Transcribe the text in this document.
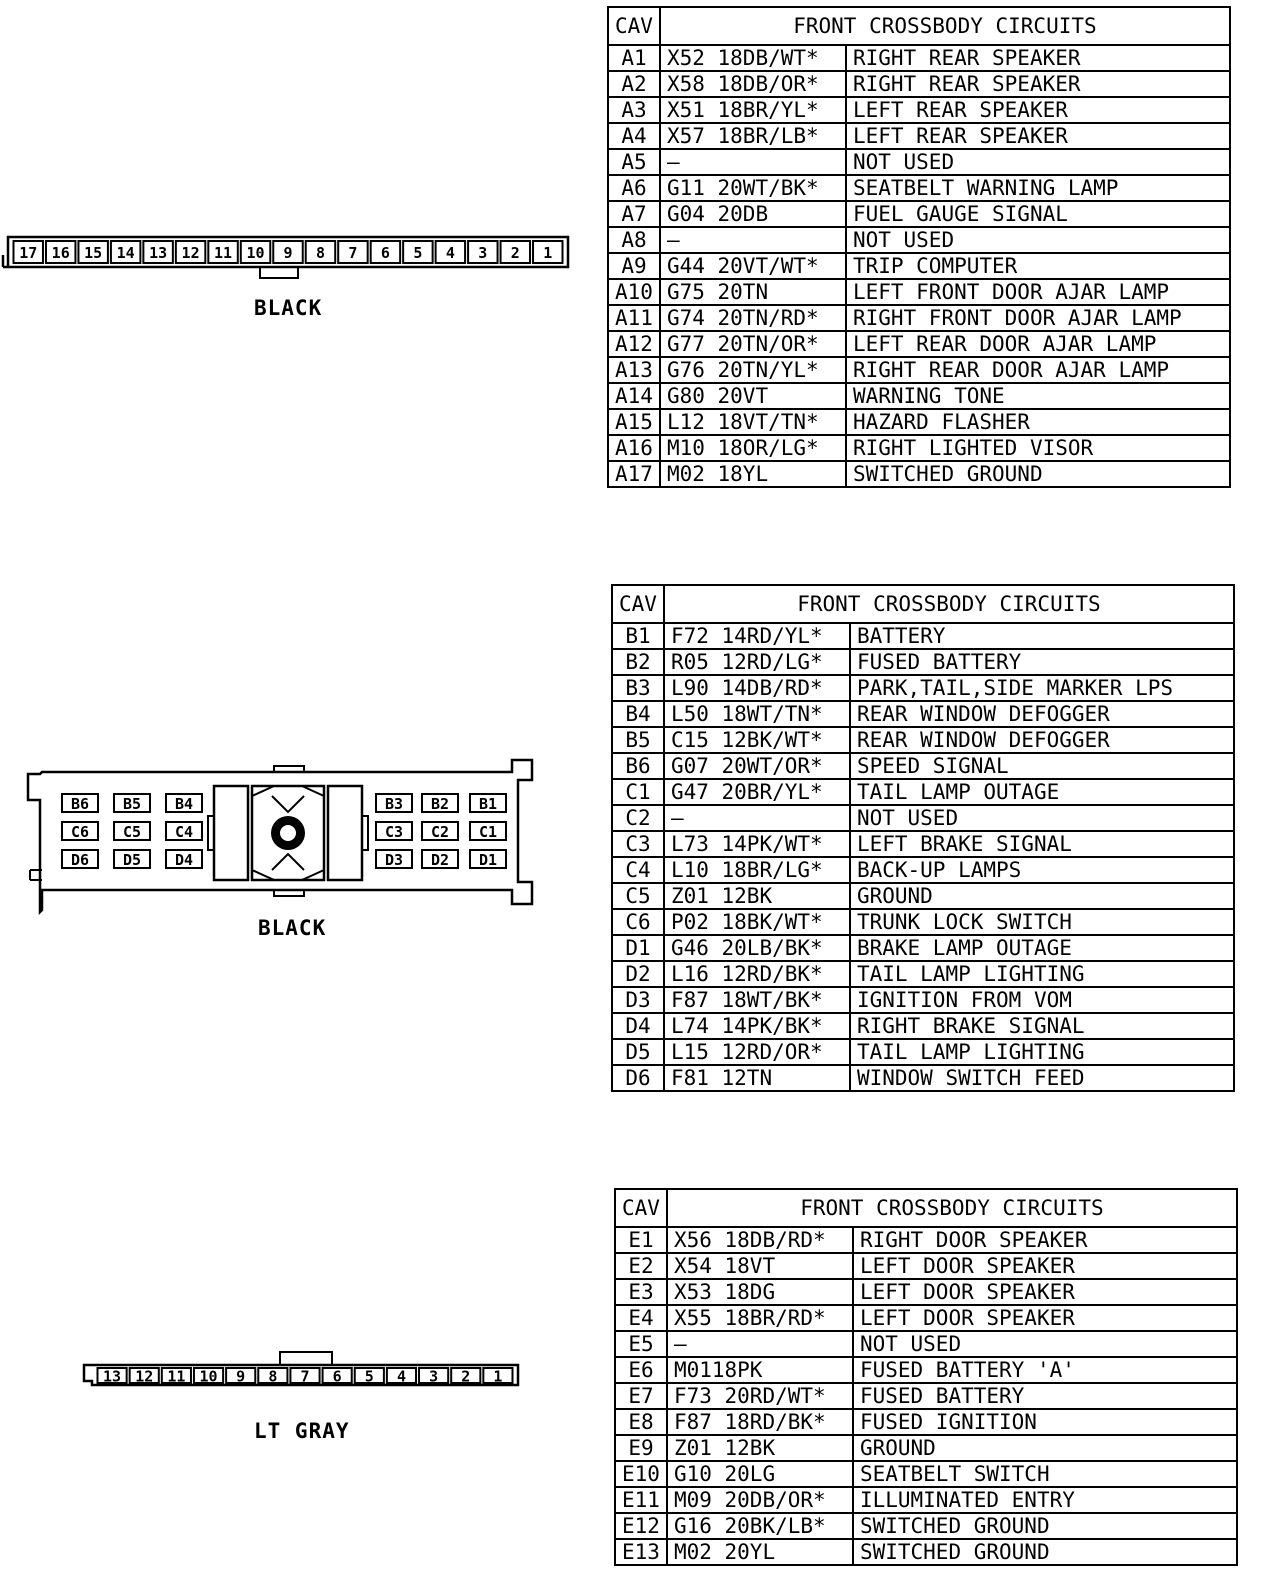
17 16 15 14 13 12 11 10 9 8 7 6 5 4 3 2 1
BLACK
B6 B5 B4
C6 C5 C4
D6 D5 D4
B3 B2 B1
C3 C2 C1
D3 D2 D1
BLACK
13 12 11 10 9 8 7 6 5 4 3 2 1
LT GRAY
CAV	FRONT CROSSBODY CIRCUITS	
A1	X52 18DB/WT*	RIGHT REAR SPEAKER
A2	X58 18DB/OR*	RIGHT REAR SPEAKER
A3	X51 18BR/YL*	LEFT REAR SPEAKER
A4	X57 18BR/LB*	LEFT REAR SPEAKER
A5	—	NOT USED
A6	G11 20WT/BK*	SEATBELT WARNING LAMP
A7	G04 20DB	FUEL GAUGE SIGNAL
A8	—	NOT USED
A9	G44 20VT/WT*	TRIP COMPUTER
A10	G75 20TN	LEFT FRONT DOOR AJAR LAMP
A11	G74 20TN/RD*	RIGHT FRONT DOOR AJAR LAMP
A12	G77 20TN/OR*	LEFT REAR DOOR AJAR LAMP
A13	G76 20TN/YL*	RIGHT REAR DOOR AJAR LAMP
A14	G80 20VT	WARNING TONE
A15	L12 18VT/TN*	HAZARD FLASHER
A16	M10 18OR/LG*	RIGHT LIGHTED VISOR
A17	M02 18YL	SWITCHED GROUND
CAV	FRONT CROSSBODY CIRCUITS	
B1	F72 14RD/YL*	BATTERY
B2	R05 12RD/LG*	FUSED BATTERY
B3	L90 14DB/RD*	PARK,TAIL,SIDE MARKER LPS
B4	L50 18WT/TN*	REAR WINDOW DEFOGGER
B5	C15 12BK/WT*	REAR WINDOW DEFOGGER
B6	G07 20WT/OR*	SPEED SIGNAL
C1	G47 20BR/YL*	TAIL LAMP OUTAGE
C2	—	NOT USED
C3	L73 14PK/WT*	LEFT BRAKE SIGNAL
C4	L10 18BR/LG*	BACK-UP LAMPS
C5	Z01 12BK	GROUND
C6	P02 18BK/WT*	TRUNK LOCK SWITCH
D1	G46 20LB/BK*	BRAKE LAMP OUTAGE
D2	L16 12RD/BK*	TAIL LAMP LIGHTING
D3	F87 18WT/BK*	IGNITION FROM VOM
D4	L74 14PK/BK*	RIGHT BRAKE SIGNAL
D5	L15 12RD/OR*	TAIL LAMP LIGHTING
D6	F81 12TN	WINDOW SWITCH FEED
CAV	FRONT CROSSBODY CIRCUITS	
E1	X56 18DB/RD*	RIGHT DOOR SPEAKER
E2	X54 18VT	LEFT DOOR SPEAKER
E3	X53 18DG	LEFT DOOR SPEAKER
E4	X55 18BR/RD*	LEFT DOOR SPEAKER
E5	—	NOT USED
E6	M0118PK	FUSED BATTERY 'A'
E7	F73 20RD/WT*	FUSED BATTERY
E8	F87 18RD/BK*	FUSED IGNITION
E9	Z01 12BK	GROUND
E10	G10 20LG	SEATBELT SWITCH
E11	M09 20DB/OR*	ILLUMINATED ENTRY
E12	G16 20BK/LB*	SWITCHED GROUND
E13	M02 20YL	SWITCHED GROUND
